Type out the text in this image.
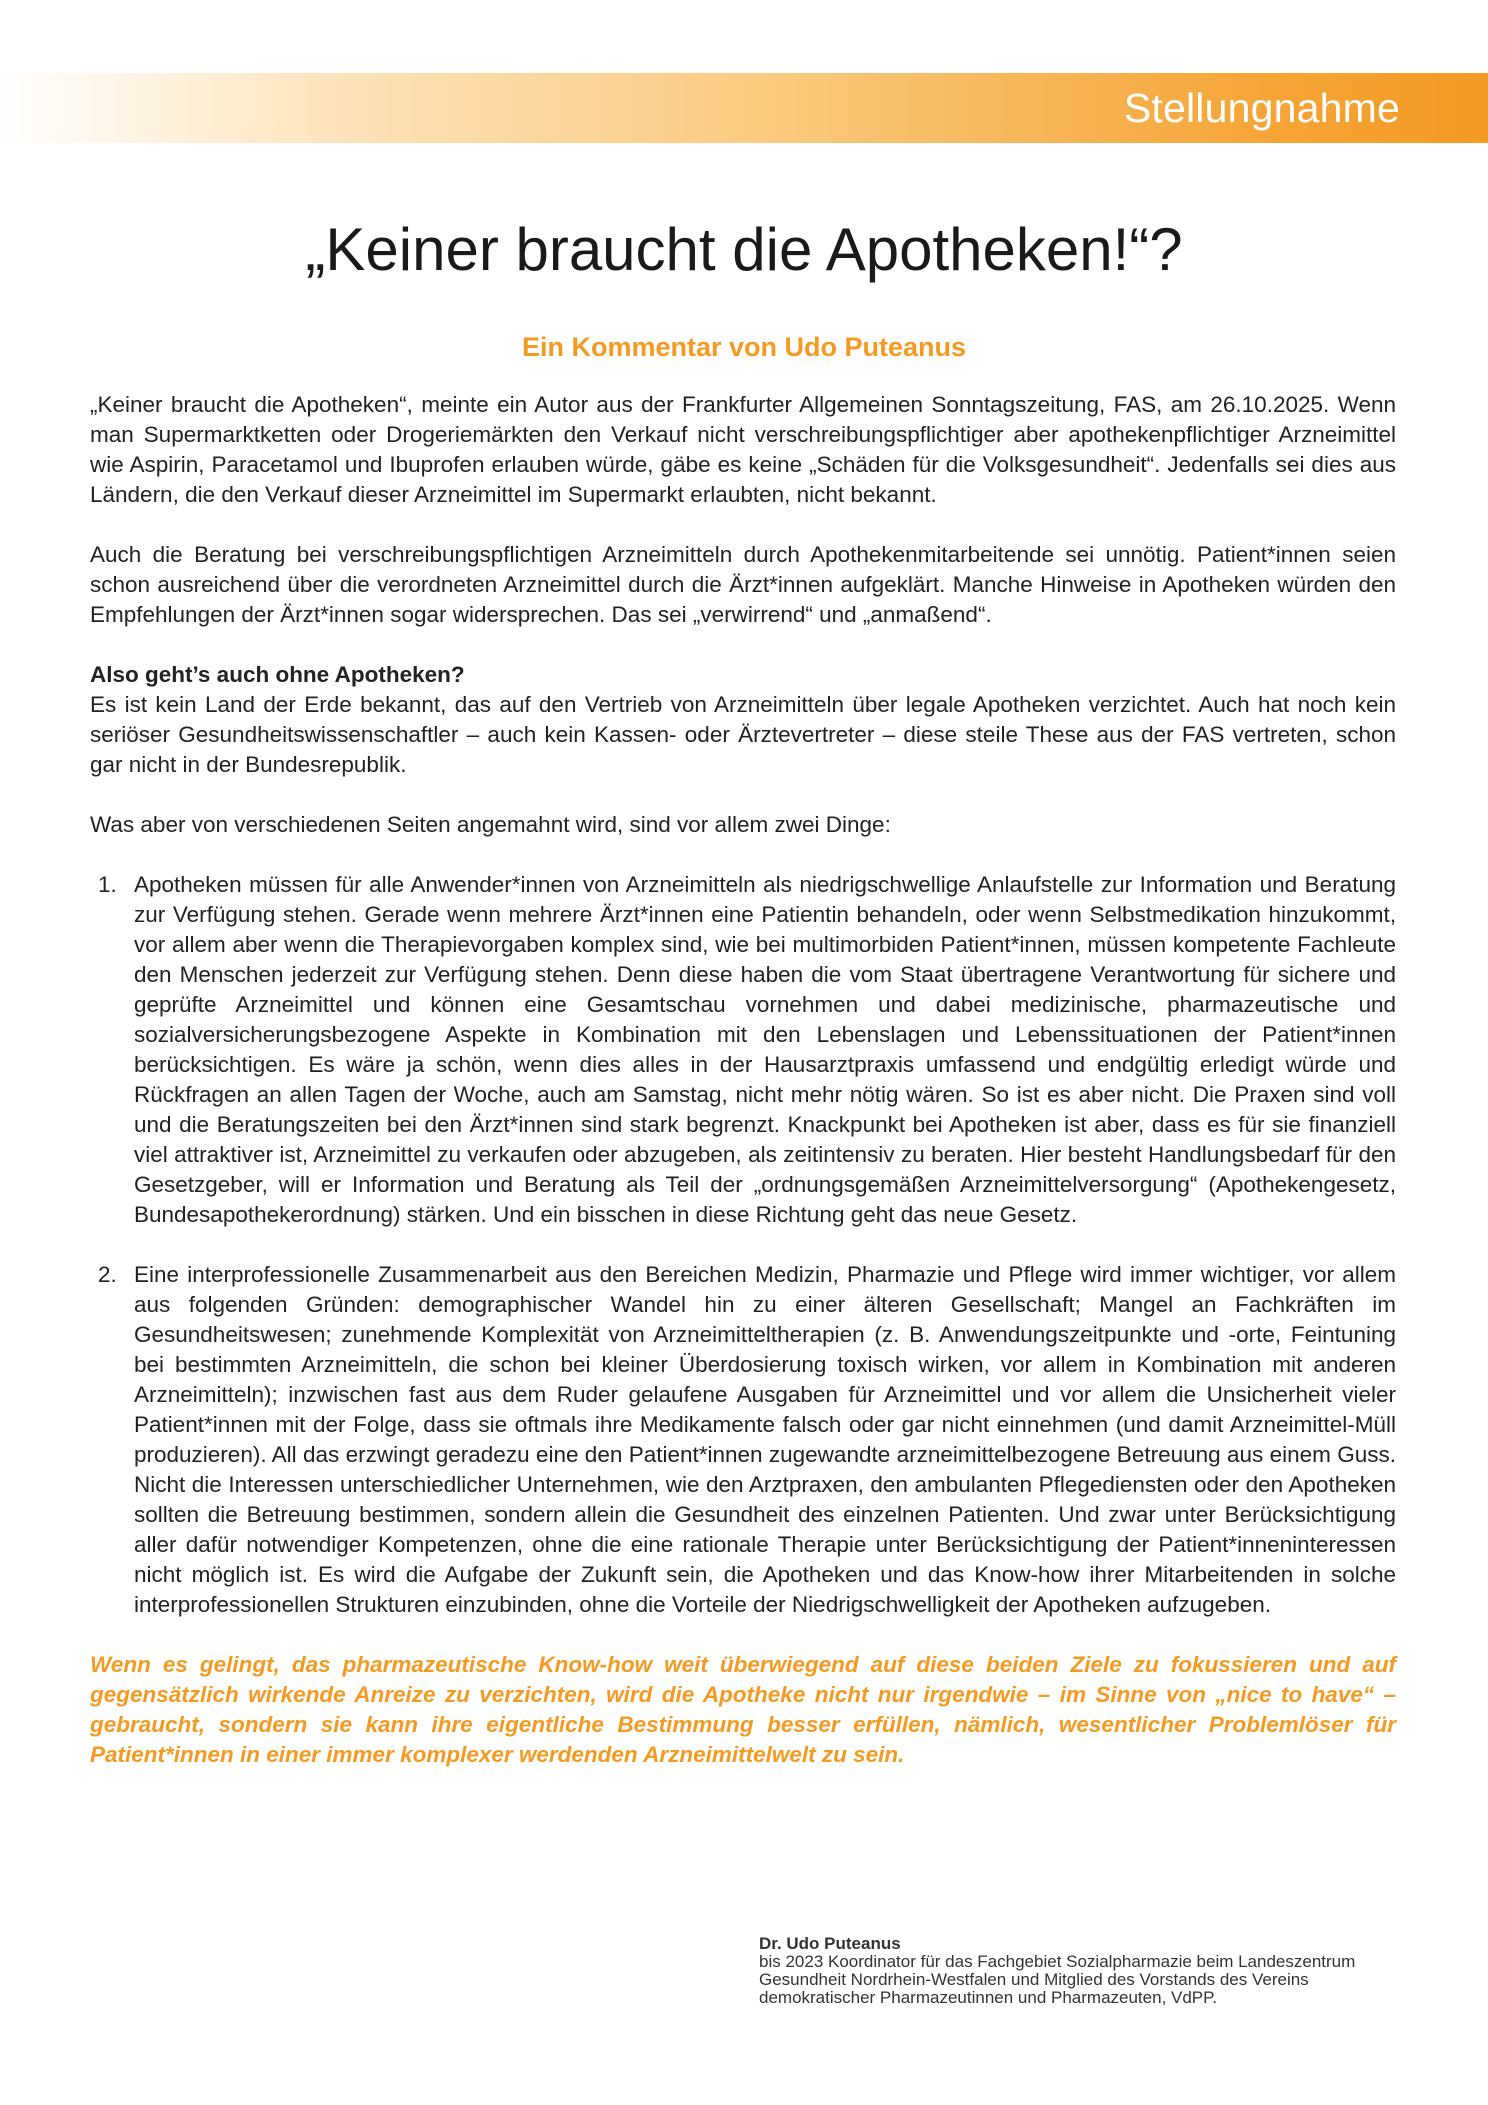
Stellungnahme
„Keiner braucht die Apotheken!“?
Ein Kommentar von Udo Puteanus

„Keiner braucht die Apotheken“, meinte ein Autor aus der Frankfurter Allgemeinen Sonntagszeitung, FAS, am 26.10.2025. Wenn man Supermarktketten oder Drogeriemärkten den Verkauf nicht verschreibungspflichtiger aber apothekenpflichtiger Arzneimittel wie Aspirin, Paracetamol und Ibuprofen erlauben würde, gäbe es keine „Schäden für die Volksgesundheit“. Jedenfalls sei dies aus Ländern, die den Verkauf dieser Arzneimittel im Supermarkt erlaubten, nicht bekannt.

Auch die Beratung bei verschreibungspflichtigen Arzneimitteln durch Apothekenmitarbeitende sei unnötig. Patient*innen seien schon ausreichend über die verordneten Arzneimittel durch die Ärzt*innen aufgeklärt. Manche Hinweise in Apotheken würden den Empfehlungen der Ärzt*innen sogar widersprechen. Das sei „verwirrend“ und „anmaßend“.

Also geht’s auch ohne Apotheken?
Es ist kein Land der Erde bekannt, das auf den Vertrieb von Arzneimitteln über legale Apotheken verzichtet. Auch hat noch kein seriöser Gesundheitswissenschaftler – auch kein Kassen- oder Ärztevertreter – diese steile These aus der FAS vertreten, schon gar nicht in der Bundesrepublik.

Was aber von verschiedenen Seiten angemahnt wird, sind vor allem zwei Dinge:

1. Apotheken müssen für alle Anwender*innen von Arzneimitteln als niedrigschwellige Anlaufstelle zur Information und Beratung zur Verfügung stehen. Gerade wenn mehrere Ärzt*innen eine Patientin behandeln, oder wenn Selbstmedikation hinzukommt, vor allem aber wenn die Therapievorgaben komplex sind, wie bei multimorbiden Patient*innen, müssen kompetente Fachleute den Menschen jederzeit zur Verfügung stehen. Denn diese haben die vom Staat übertragene Verantwortung für sichere und geprüfte Arzneimittel und können eine Gesamtschau vornehmen und dabei medizinische, pharmazeutische und sozialversicherungsbezogene Aspekte in Kombination mit den Lebenslagen und Lebenssituationen der Patient*innen berücksichtigen. Es wäre ja schön, wenn dies alles in der Hausarztpraxis umfassend und endgültig erledigt würde und Rückfragen an allen Tagen der Woche, auch am Samstag, nicht mehr nötig wären. So ist es aber nicht. Die Praxen sind voll und die Beratungszeiten bei den Ärzt*innen sind stark begrenzt. Knackpunkt bei Apotheken ist aber, dass es für sie finanziell viel attraktiver ist, Arzneimittel zu verkaufen oder abzugeben, als zeitintensiv zu beraten. Hier besteht Handlungsbedarf für den Gesetzgeber, will er Information und Beratung als Teil der „ordnungsgemäßen Arzneimittelversorgung“ (Apothekengesetz, Bundesapothekerordnung) stärken. Und ein bisschen in diese Richtung geht das neue Gesetz.
2. Eine interprofessionelle Zusammenarbeit aus den Bereichen Medizin, Pharmazie und Pflege wird immer wichtiger, vor allem aus folgenden Gründen: demographischer Wandel hin zu einer älteren Gesellschaft; Mangel an Fachkräften im Gesundheitswesen; zunehmende Komplexität von Arzneimitteltherapien (z. B. Anwendungszeitpunkte und -orte, Feintuning bei bestimmten Arzneimitteln, die schon bei kleiner Überdosierung toxisch wirken, vor allem in Kombination mit anderen Arzneimitteln); inzwischen fast aus dem Ruder gelaufene Ausgaben für Arzneimittel und vor allem die Unsicherheit vieler Patient*innen mit der Folge, dass sie oftmals ihre Medikamente falsch oder gar nicht einnehmen (und damit Arzneimittel-Müll produzieren). All das erzwingt geradezu eine den Patient*innen zugewandte arzneimittelbezogene Betreuung aus einem Guss. Nicht die Interessen unterschiedlicher Unternehmen, wie den Arztpraxen, den ambulanten Pflegediensten oder den Apotheken sollten die Betreuung bestimmen, sondern allein die Gesundheit des einzelnen Patienten. Und zwar unter Berücksichtigung aller dafür notwendiger Kompetenzen, ohne die eine rationale Therapie unter Berücksichtigung der Patient*inneninteressen nicht möglich ist. Es wird die Aufgabe der Zukunft sein, die Apotheken und das Know-how ihrer Mitarbeitenden in solche interprofessionellen Strukturen einzubinden, ohne die Vorteile der Niedrigschwelligkeit der Apotheken aufzugeben.

Wenn es gelingt, das pharmazeutische Know-how weit überwiegend auf diese beiden Ziele zu fokussieren und auf gegensätzlich wirkende Anreize zu verzichten, wird die Apotheke nicht nur irgendwie – im Sinne von „nice to have“ – gebraucht, sondern sie kann ihre eigentliche Bestimmung besser erfüllen, nämlich, wesentlicher Problemlöser für Patient*innen in einer immer komplexer werdenden Arzneimittelwelt zu sein.

Dr. Udo Puteanus
bis 2023 Koordinator für das Fachgebiet Sozialpharmazie beim Landeszentrum Gesundheit Nordrhein-Westfalen und Mitglied des Vorstands des Vereins demokratischer Pharmazeutinnen und Pharmazeuten, VdPP.
